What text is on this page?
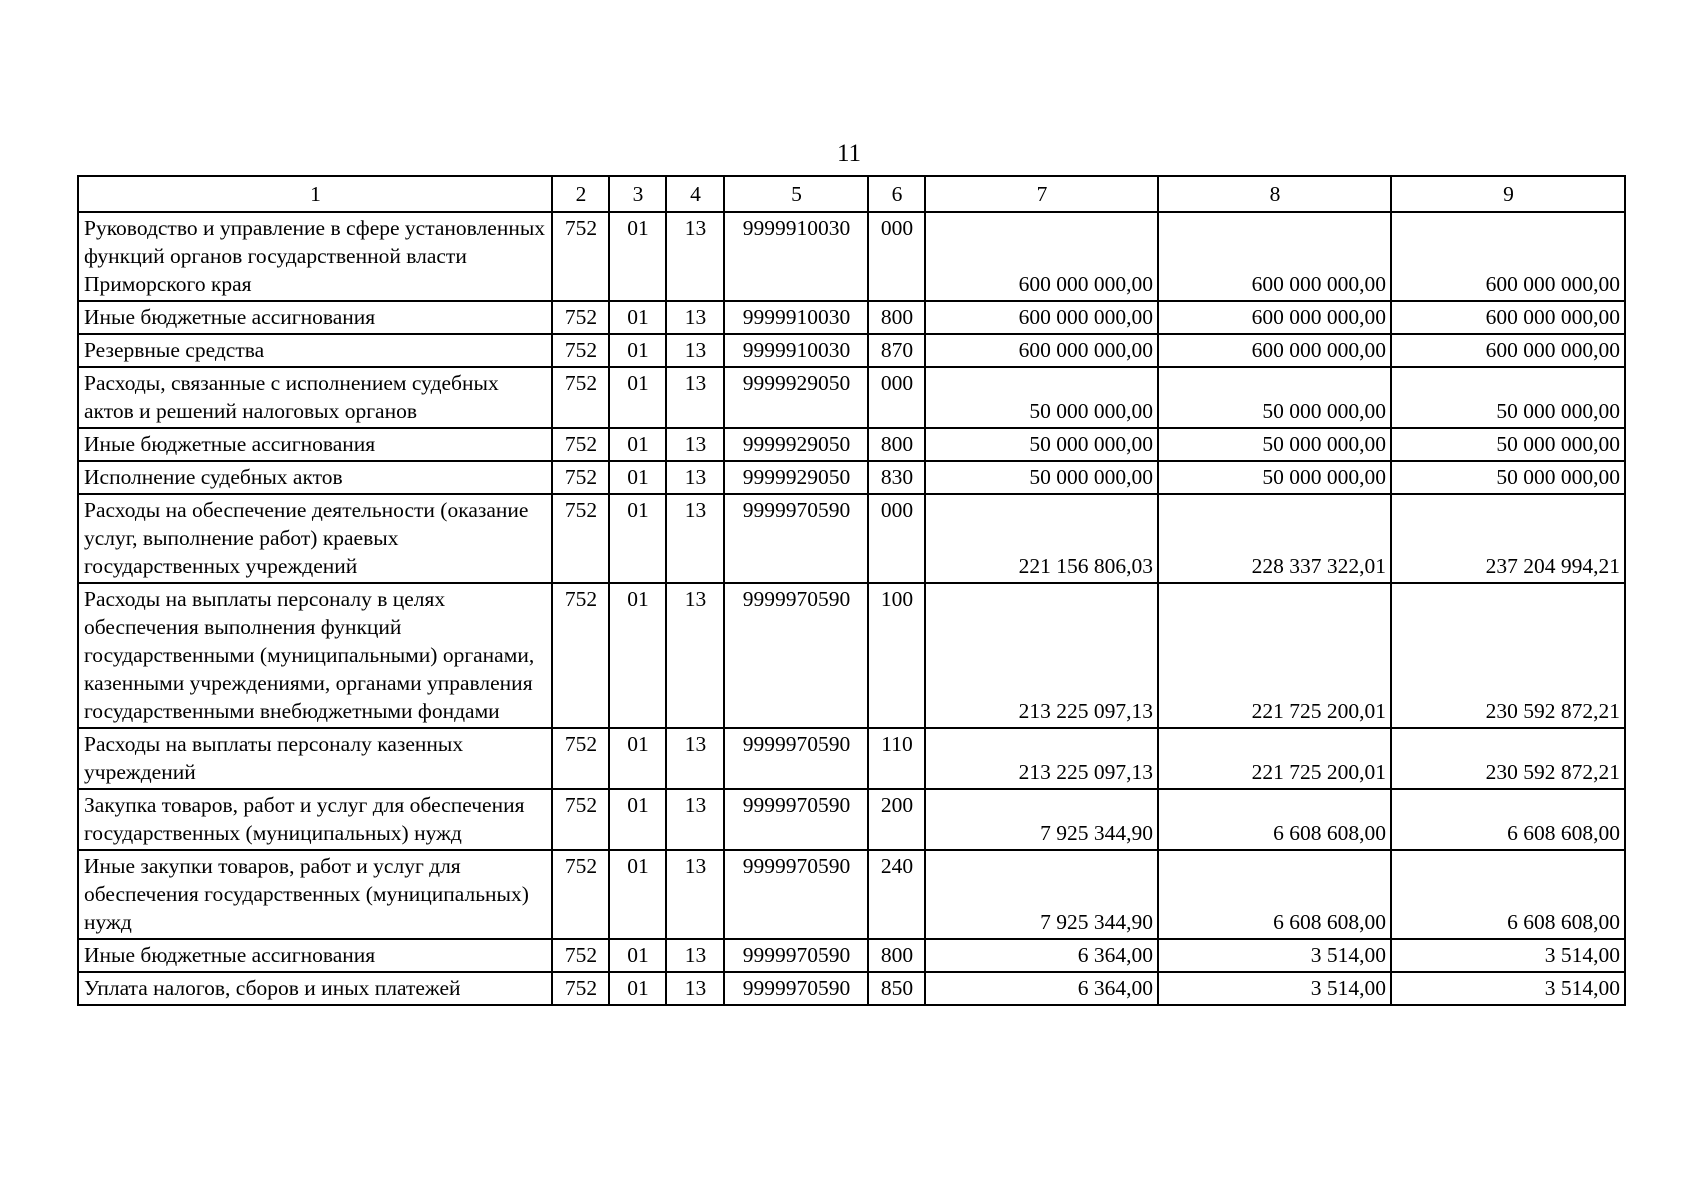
11
1	2	3	4	5	6	7	8	9
Руководство и управление в сфере установленных функций органов государственной власти Приморского края	752	01	13	9999910030	000	600 000 000,00	600 000 000,00	600 000 000,00
Иные бюджетные ассигнования	752	01	13	9999910030	800	600 000 000,00	600 000 000,00	600 000 000,00
Резервные средства	752	01	13	9999910030	870	600 000 000,00	600 000 000,00	600 000 000,00
Расходы, связанные с исполнением судебных актов и решений налоговых органов	752	01	13	9999929050	000	50 000 000,00	50 000 000,00	50 000 000,00
Иные бюджетные ассигнования	752	01	13	9999929050	800	50 000 000,00	50 000 000,00	50 000 000,00
Исполнение судебных актов	752	01	13	9999929050	830	50 000 000,00	50 000 000,00	50 000 000,00
Расходы на обеспечение деятельности (оказание услуг, выполнение работ) краевых государственных учреждений	752	01	13	9999970590	000	221 156 806,03	228 337 322,01	237 204 994,21
Расходы на выплаты персоналу в целях обеспечения выполнения функций государственными (муниципальными) органами, казенными учреждениями, органами управления государственными внебюджетными фондами	752	01	13	9999970590	100	213 225 097,13	221 725 200,01	230 592 872,21
Расходы на выплаты персоналу казенных учреждений	752	01	13	9999970590	110	213 225 097,13	221 725 200,01	230 592 872,21
Закупка товаров, работ и услуг для обеспечения государственных (муниципальных) нужд	752	01	13	9999970590	200	7 925 344,90	6 608 608,00	6 608 608,00
Иные закупки товаров, работ и услуг для обеспечения государственных (муниципальных) нужд	752	01	13	9999970590	240	7 925 344,90	6 608 608,00	6 608 608,00
Иные бюджетные ассигнования	752	01	13	9999970590	800	6 364,00	3 514,00	3 514,00
Уплата налогов, сборов и иных платежей	752	01	13	9999970590	850	6 364,00	3 514,00	3 514,00
